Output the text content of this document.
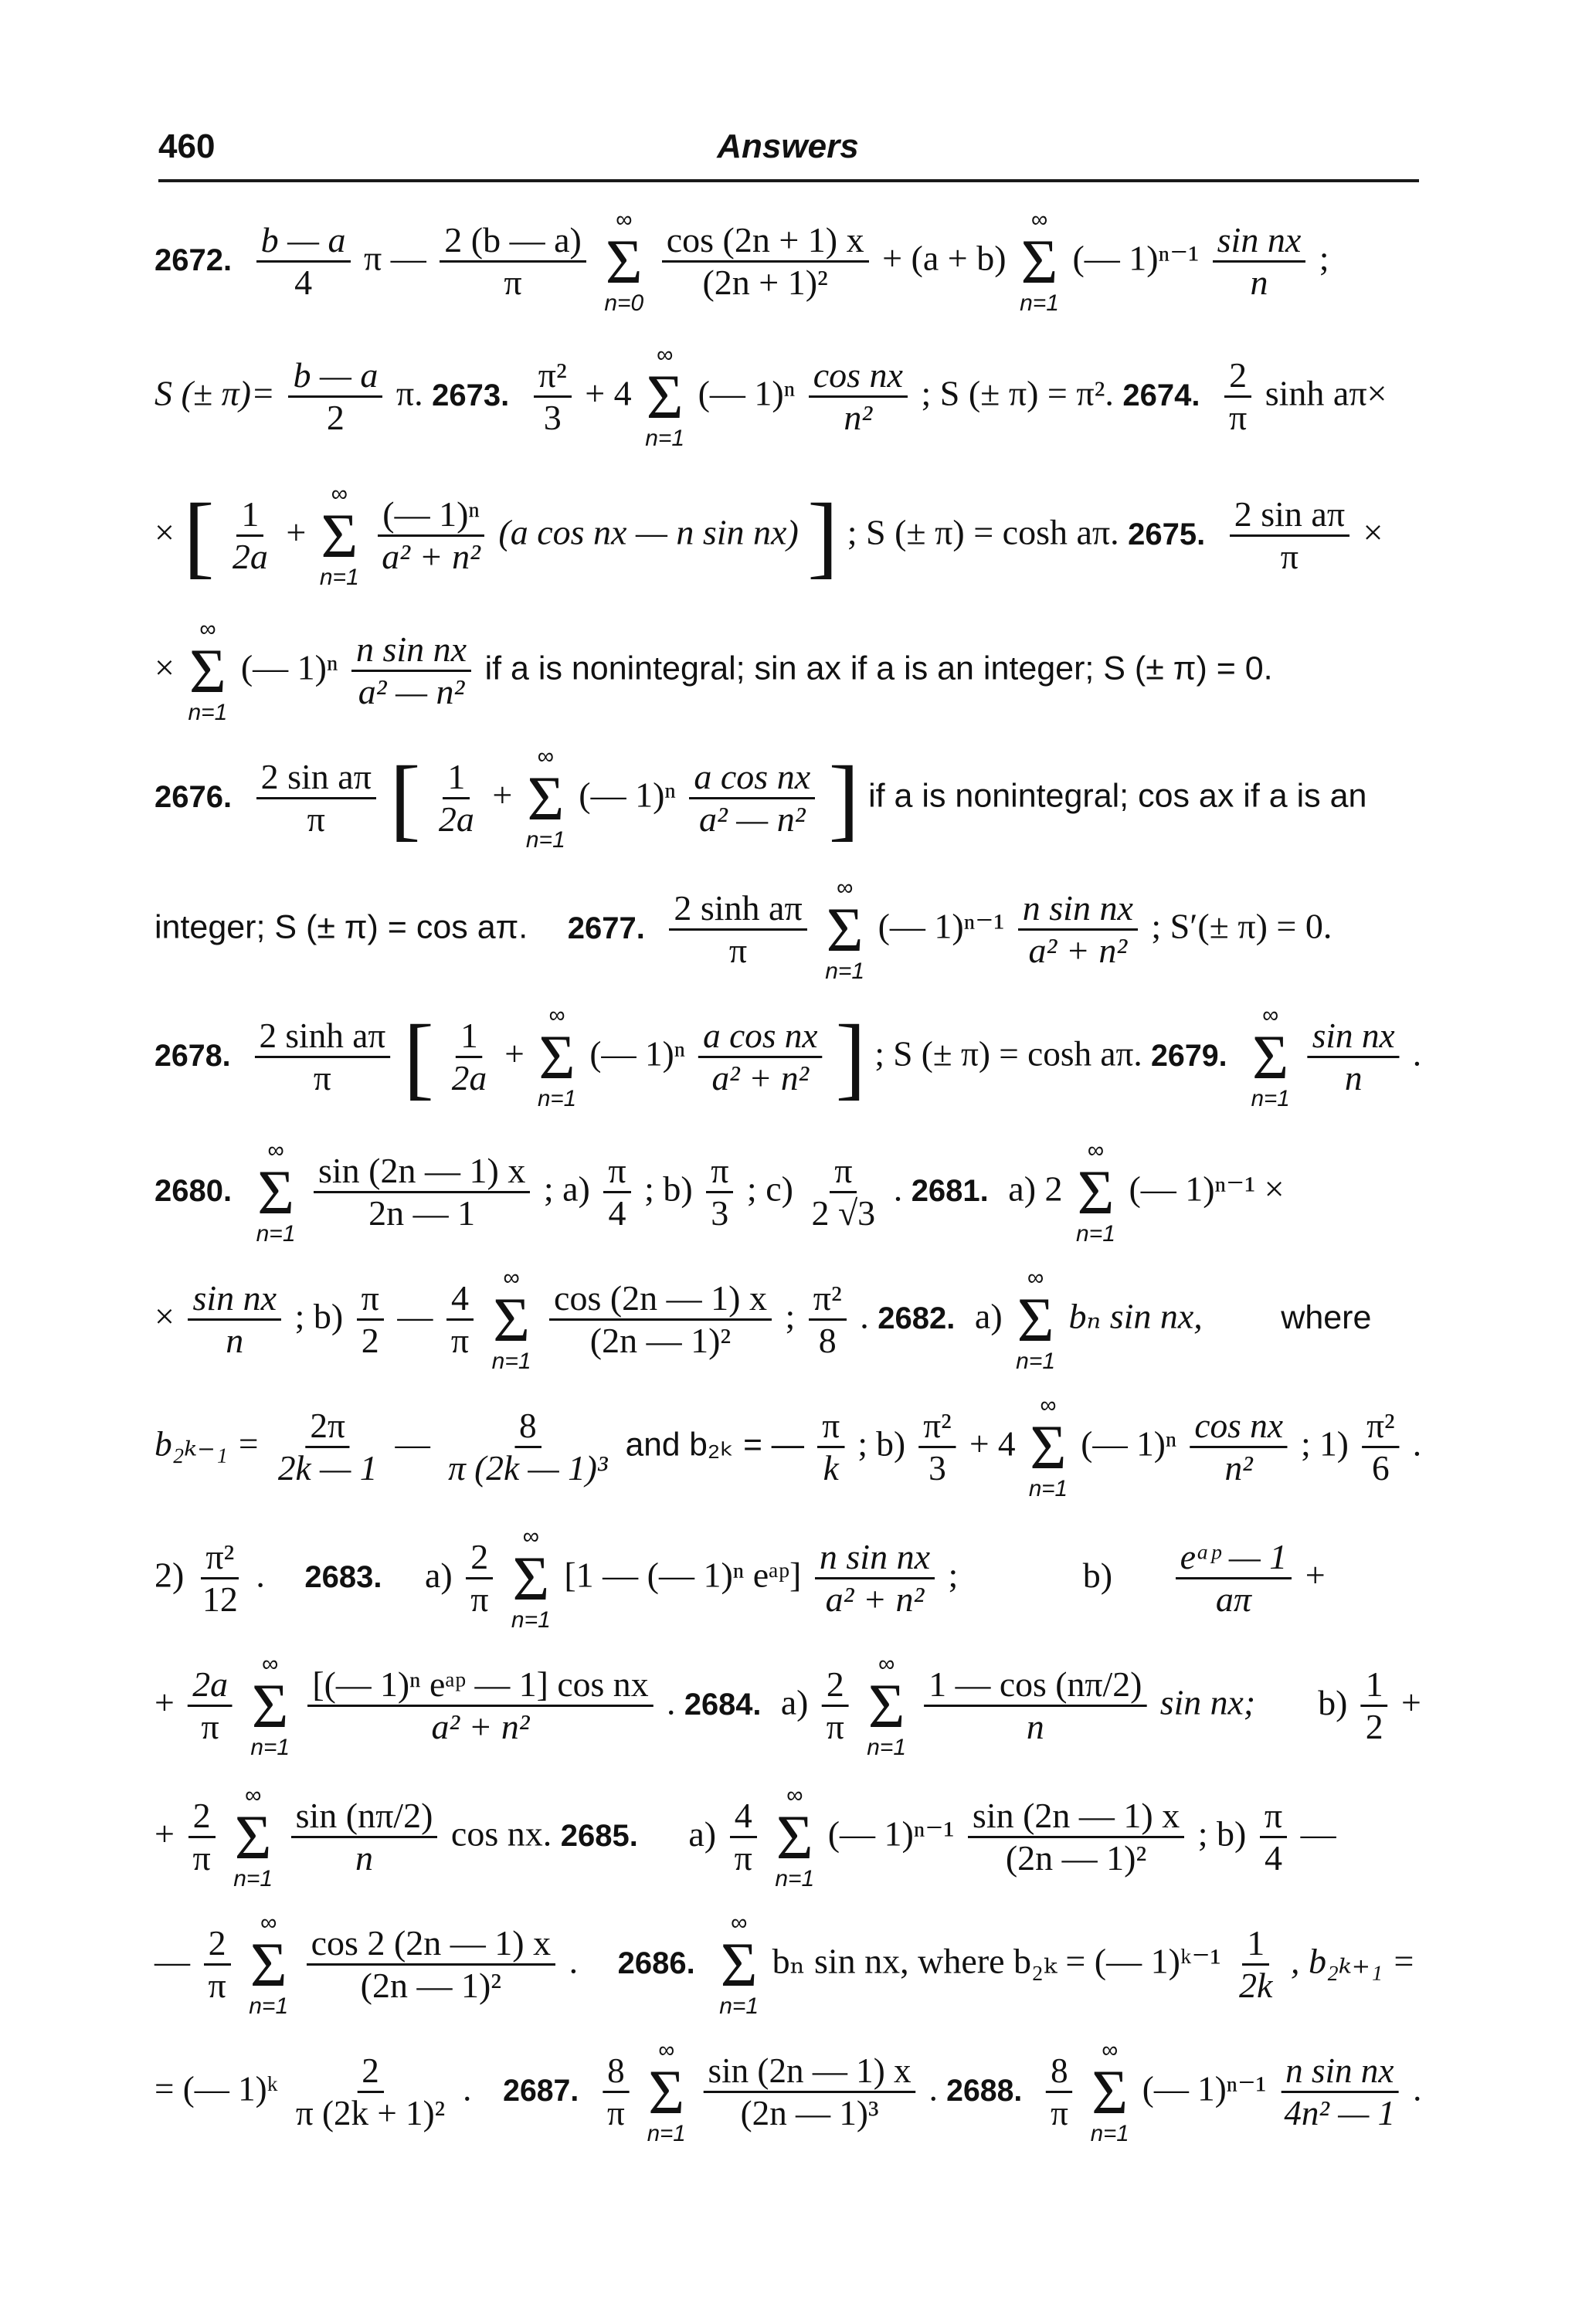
460	Answers
2672. $\frac{b — a}{4}$ π — $\frac{2 (b — a)}{\pi}$

∞
Σ
n=0

$\frac{\cos (2n + 1) x}{\text{(2n + 1)²}} + (a + b)$
∞
Σ
n=1
(— $1)^{n-1} \frac{\text{sin nx}}{n}$ ;
S (± $\pi)= \frac{b — a}{2} \pi$. 2673. $\frac{\text{π²}}{3} + 4$
∞
Σ
n=1
(— $1)^n \frac{\text{cos nx}}{\text{n²}}$ ; S (± π) = π². 2674. $\frac{2}{\pi}$ sinh aπ×
× [ $\frac{1}{2a}$ +
∞
Σ
n=1

$\frac{\text{(— 1)ⁿ}}{\text{a² + n²}} (a$ cos nx — n sin nx) ] ; S (± π) = cosh aπ. 2675. $\frac{\text{2 sin aπ}}{\pi}$ ×
×
∞
Σ
n=1
(— $1)^n \frac{\text{n sin nx}}{\text{a² — n²}}$ if a is nonintegral; sin ax if a is an integer; S (± π) = 0.
2676. $\frac{\text{2 sin aπ}}{\pi}$ [ $\frac{1}{2a}$ +
∞
Σ
n=1
(— $1)^n \frac{\text{a cos nx}}{\text{a² — n²}}$ ] if a is nonintegral; cos ax if a is an
integer; S (± π) = cos aπ. 2677. $\frac{\text{2 sinh aπ}}{\pi}$

∞
Σ
n=1
(— $1)^{n-1} \frac{\text{n sin nx}}{\text{a² + n²}}$ ; S′(± π) = 0.
2678. $\frac{\text{2 sinh aπ}}{\pi}$ [ $\frac{1}{2a}$ +
∞
Σ
n=1
(— $1)^n \frac{\text{a cos nx}}{\text{a² + n²}}$ ] ; S (± π) = cosh aπ. 2679.
∞
Σ
n=1

$\frac{\text{sin nx}}{n}$ .
2680.
∞
Σ
n=1

$\frac{\sin (2n — 1) x}{2n — 1}$ ; $a) \frac{\pi}{4}$ ; $b) \frac{\pi}{3}$ ; $c) \frac{\pi}{2 √3}$ . 2681. a) 2
∞
Σ
n=1
(— 1)ⁿ⁻¹ ×
× $\frac{\text{sin nx}}{n}$ ; $b) \frac{\pi}{2}$ — $\frac{4}{\pi}$

∞
Σ
n=1

$\frac{\cos (2n — 1) x}{\text{(2n — 1)²}}$ ; $\frac{\text{π²}}{8}$ . 2682. a)
∞
Σ
n=1
bₙ sin nx, where
$b_{2k-1} = \frac{2\pi}{2k — 1}$ — $\frac{8}{\text{π (2k — 1)³}}$ and b₂ₖ = — $\frac{\pi}{k}$ ; $b) \frac{\text{π²}}{3} + 4$
∞
Σ
n=1
(— $1)^n \frac{\text{cos nx}}{\text{n²}}$ ; $1) \frac{\text{π²}}{6}$ .
$2) \frac{\text{π²}}{12}$ . 2683. $a) \frac{2}{\pi}$

∞
Σ
n=1
[1 — (— 1)ⁿ eᵃᵖ] $\frac{\text{n sin nx}}{\text{a² + n²}}$ ;	$b) \frac{\text{eᵃᵖ — 1}}{a\pi}$ +
+ $\frac{2a}{\pi}$

∞
Σ
n=1

$\frac{\text{[(— 1)ⁿ eᵃᵖ — 1] cos nx}}{\text{a² + n²}}$ . 2684. $a) \frac{2}{\pi}$

∞
Σ
n=1

$\frac{1 — \cos (n\pi/2)}{n}$ sin nx; $b) \frac{1}{2}$ +
+ $\frac{2}{\pi}$

∞
Σ
n=1

$\frac{\sin (n\pi/2)}{n}$ cos nx. 2685. $a) \frac{4}{\pi}$

∞
Σ
n=1
(— $1)^{n-1} \frac{\sin (2n — 1) x}{\text{(2n — 1)²}}$ ; $b) \frac{\pi}{4}$ —
— $\frac{2}{\pi}$

∞
Σ
n=1

$\frac{\cos 2 (2n — 1) x}{\text{(2n — 1)²}}$ . 2686.
∞
Σ
n=1
bₙ sin nx, where b₂ₖ = (— 1)ᵏ⁻¹ $\frac{1}{2k}$ , b₂ₖ₊₁ =
= (— 1)ᵏ $\frac{2}{\text{π (2k + 1)²}}$ . 2687. $\frac{8}{\pi}$

∞
Σ
n=1

$\frac{\sin (2n — 1) x}{\text{(2n — 1)³}}$ . 2688. $\frac{8}{\pi}$

∞
Σ
n=1
(— $1)^{n-1} \frac{\text{n sin nx}}{\text{4n² — 1}}$ .
